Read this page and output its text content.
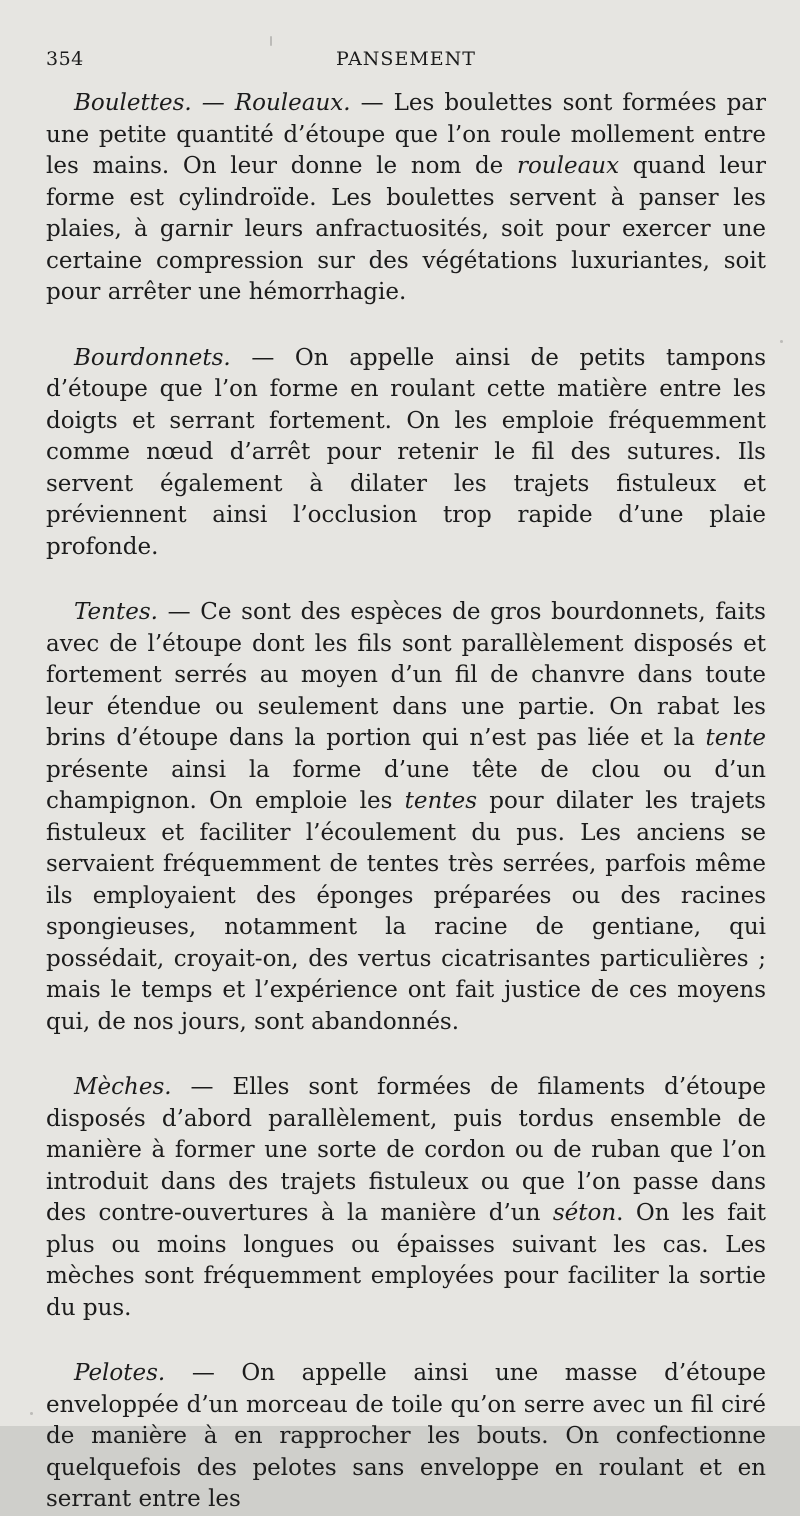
354	PANSEMENT

Boulettes. — Rouleaux. — Les boulettes sont formées par une petite quantité d’étoupe que l’on roule mollement entre les mains. On leur donne le nom de rouleaux quand leur forme est cylindroïde. Les boulettes servent à panser les plaies, à garnir leurs anfractuosités, soit pour exercer une certaine compression sur des végétations luxuriantes, soit pour arrêter une hémorrhagie.

Bourdonnets. — On appelle ainsi de petits tampons d’étoupe que l’on forme en roulant cette matière entre les doigts et serrant fortement. On les emploie fréquemment comme nœud d’arrêt pour retenir le fil des sutures. Ils servent également à dilater les trajets fistuleux et préviennent ainsi l’occlusion trop rapide d’une plaie profonde.

Tentes. — Ce sont des espèces de gros bourdonnets, faits avec de l’étoupe dont les fils sont parallèlement disposés et fortement serrés au moyen d’un fil de chanvre dans toute leur étendue ou seulement dans une partie. On rabat les brins d’étoupe dans la portion qui n’est pas liée et la tente présente ainsi la forme d’une tête de clou ou d’un champignon. On emploie les tentes pour dilater les trajets fistuleux et faciliter l’écoulement du pus. Les anciens se servaient fréquemment de tentes très serrées, parfois même ils employaient des éponges préparées ou des racines spongieuses, notamment la racine de gentiane, qui possédait, croyait-on, des vertus cicatrisantes particulières ; mais le temps et l’expérience ont fait justice de ces moyens qui, de nos jours, sont abandonnés.

Mèches. — Elles sont formées de filaments d’étoupe disposés d’abord parallèlement, puis tordus ensemble de manière à former une sorte de cordon ou de ruban que l’on introduit dans des trajets fistuleux ou que l’on passe dans des contre-ouvertures à la manière d’un séton. On les fait plus ou moins longues ou épaisses suivant les cas. Les mèches sont fréquemment employées pour faciliter la sortie du pus.

Pelotes. — On appelle ainsi une masse d’étoupe enveloppée d’un morceau de toile qu’on serre avec un fil ciré de manière à en rapprocher les bouts. On confectionne quelquefois des pelotes sans enveloppe en roulant et en serrant entre les
